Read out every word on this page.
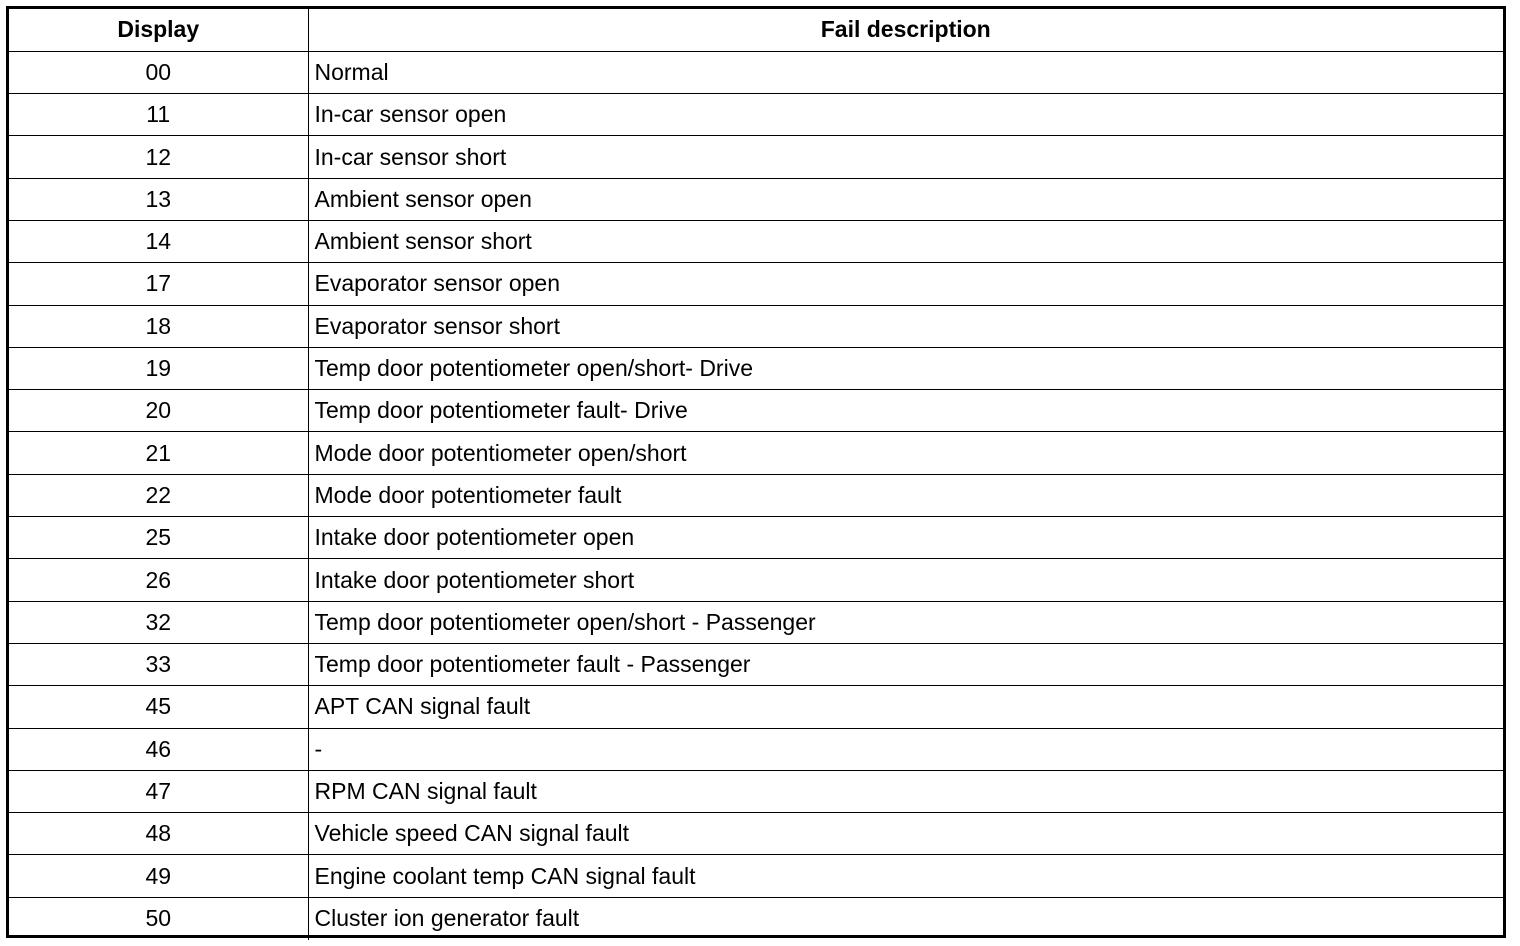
Display	Fail description
00	Normal
11	In-car sensor open
12	In-car sensor short
13	Ambient sensor open
14	Ambient sensor short
17	Evaporator sensor open
18	Evaporator sensor short
19	Temp door potentiometer open/short- Drive
20	Temp door potentiometer fault- Drive
21	Mode door potentiometer open/short
22	Mode door potentiometer fault
25	Intake door potentiometer open
26	Intake door potentiometer short
32	Temp door potentiometer open/short - Passenger
33	Temp door potentiometer fault - Passenger
45	APT CAN signal fault
46	-
47	RPM CAN signal fault
48	Vehicle speed CAN signal fault
49	Engine coolant temp CAN signal fault
50	Cluster ion generator fault
